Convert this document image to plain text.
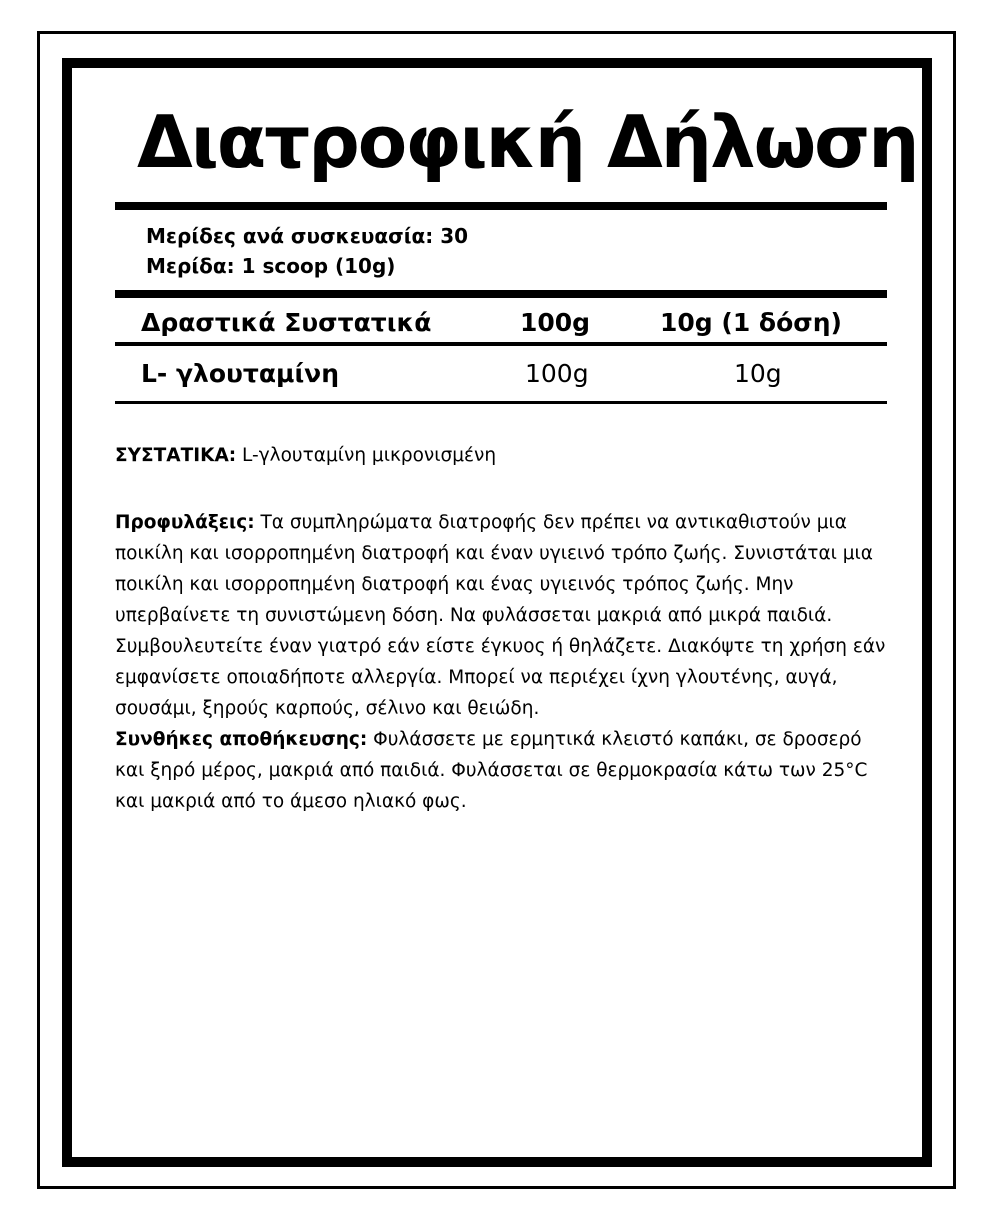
Διατροφική Δήλωση
Μερίδες ανά συσκευασία: 30
Μερίδα: 1 scoop (10g)
Δραστικά Συστατικά	100g	10g (1 δόση)
L- γλουταμίνη	100g	10g
ΣΥΣΤΑΤΙΚΑ: L-γλουταμίνη μικρονισμένη
Προφυλάξεις: Τα συμπληρώματα διατροφής δεν πρέπει να αντικαθιστούν μια ποικίλη και ισορροπημένη διατροφή και έναν υγιεινό τρόπο ζωής. Συνιστάται μια ποικίλη και ισορροπημένη διατροφή και ένας υγιεινός τρόπος ζωής. Μην υπερβαίνετε τη συνιστώμενη δόση. Να φυλάσσεται μακριά από μικρά παιδιά. Συμβουλευτείτε έναν γιατρό εάν είστε έγκυος ή θηλάζετε. Διακόψτε τη χρήση εάν εμφανίσετε οποιαδήποτε αλλεργία. Μπορεί να περιέχει ίχνη γλουτένης, αυγά, σουσάμι, ξηρούς καρπούς, σέλινο και θειώδη.
Συνθήκες αποθήκευσης: Φυλάσσετε με ερμητικά κλειστό καπάκι, σε δροσερό και ξηρό μέρος, μακριά από παιδιά. Φυλάσσεται σε θερμοκρασία κάτω των 25°C και μακριά από το άμεσο ηλιακό φως.
